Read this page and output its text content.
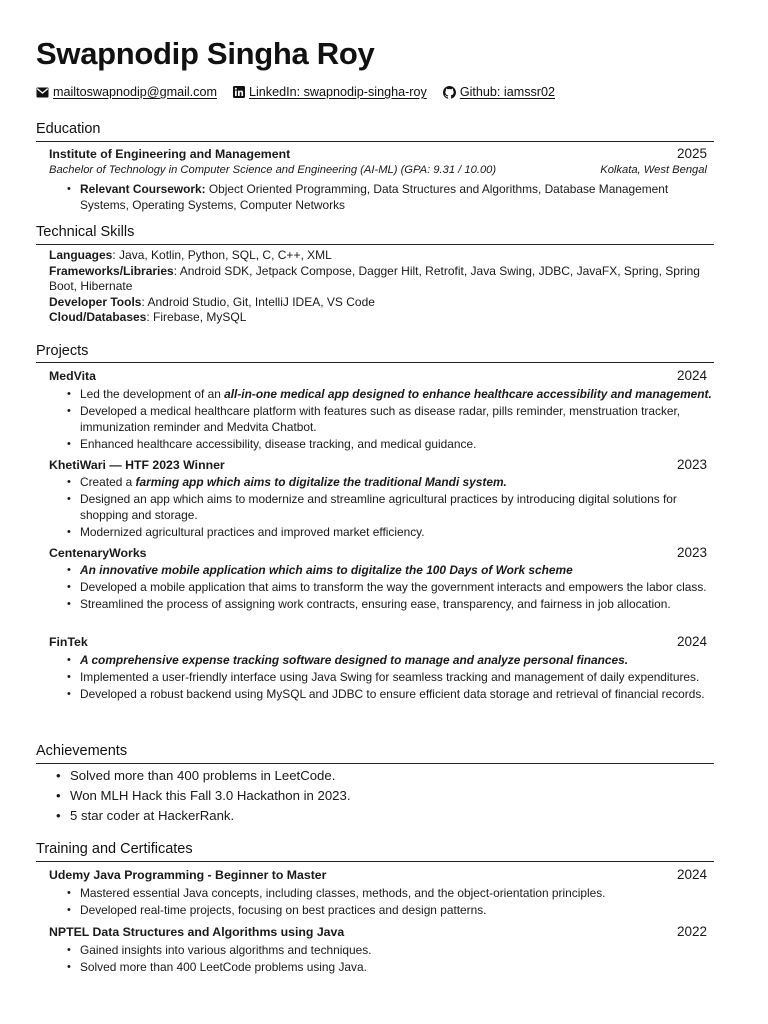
Swapnodip Singha Roy
mailtoswapnodip@gmail.com	LinkedIn: swapnodip-singha-roy	Github: iamssr02
Education
Institute of Engineering and Management	2025
Bachelor of Technology in Computer Science and Engineering (AI-ML) (GPA: 9.31 / 10.00)	Kolkata, West Bengal
• Relevant Coursework: Object Oriented Programming, Data Structures and Algorithms, Database Management Systems, Operating Systems, Computer Networks
Technical Skills
Languages: Java, Kotlin, Python, SQL, C, C++, XML
Frameworks/Libraries: Android SDK, Jetpack Compose, Dagger Hilt, Retrofit, Java Swing, JDBC, JavaFX, Spring, Spring Boot, Hibernate
Developer Tools: Android Studio, Git, IntelliJ IDEA, VS Code
Cloud/Databases: Firebase, MySQL
Projects
MedVita	2024
• Led the development of an all-in-one medical app designed to enhance healthcare accessibility and management.
• Developed a medical healthcare platform with features such as disease radar, pills reminder, menstruation tracker, immunization reminder and Medvita Chatbot.
• Enhanced healthcare accessibility, disease tracking, and medical guidance.
KhetiWari — HTF 2023 Winner	2023
• Created a farming app which aims to digitalize the traditional Mandi system.
• Designed an app which aims to modernize and streamline agricultural practices by introducing digital solutions for shopping and storage.
• Modernized agricultural practices and improved market efficiency.
CentenaryWorks	2023
• An innovative mobile application which aims to digitalize the 100 Days of Work scheme
• Developed a mobile application that aims to transform the way the government interacts and empowers the labor class.
• Streamlined the process of assigning work contracts, ensuring ease, transparency, and fairness in job allocation.
FinTek	2024
• A comprehensive expense tracking software designed to manage and analyze personal finances.
• Implemented a user-friendly interface using Java Swing for seamless tracking and management of daily expenditures.
• Developed a robust backend using MySQL and JDBC to ensure efficient data storage and retrieval of financial records.
Achievements
• Solved more than 400 problems in LeetCode.
• Won MLH Hack this Fall 3.0 Hackathon in 2023.
• 5 star coder at HackerRank.
Training and Certificates
Udemy Java Programming - Beginner to Master	2024
• Mastered essential Java concepts, including classes, methods, and the object-orientation principles.
• Developed real-time projects, focusing on best practices and design patterns.
NPTEL Data Structures and Algorithms using Java	2022
• Gained insights into various algorithms and techniques.
• Solved more than 400 LeetCode problems using Java.
